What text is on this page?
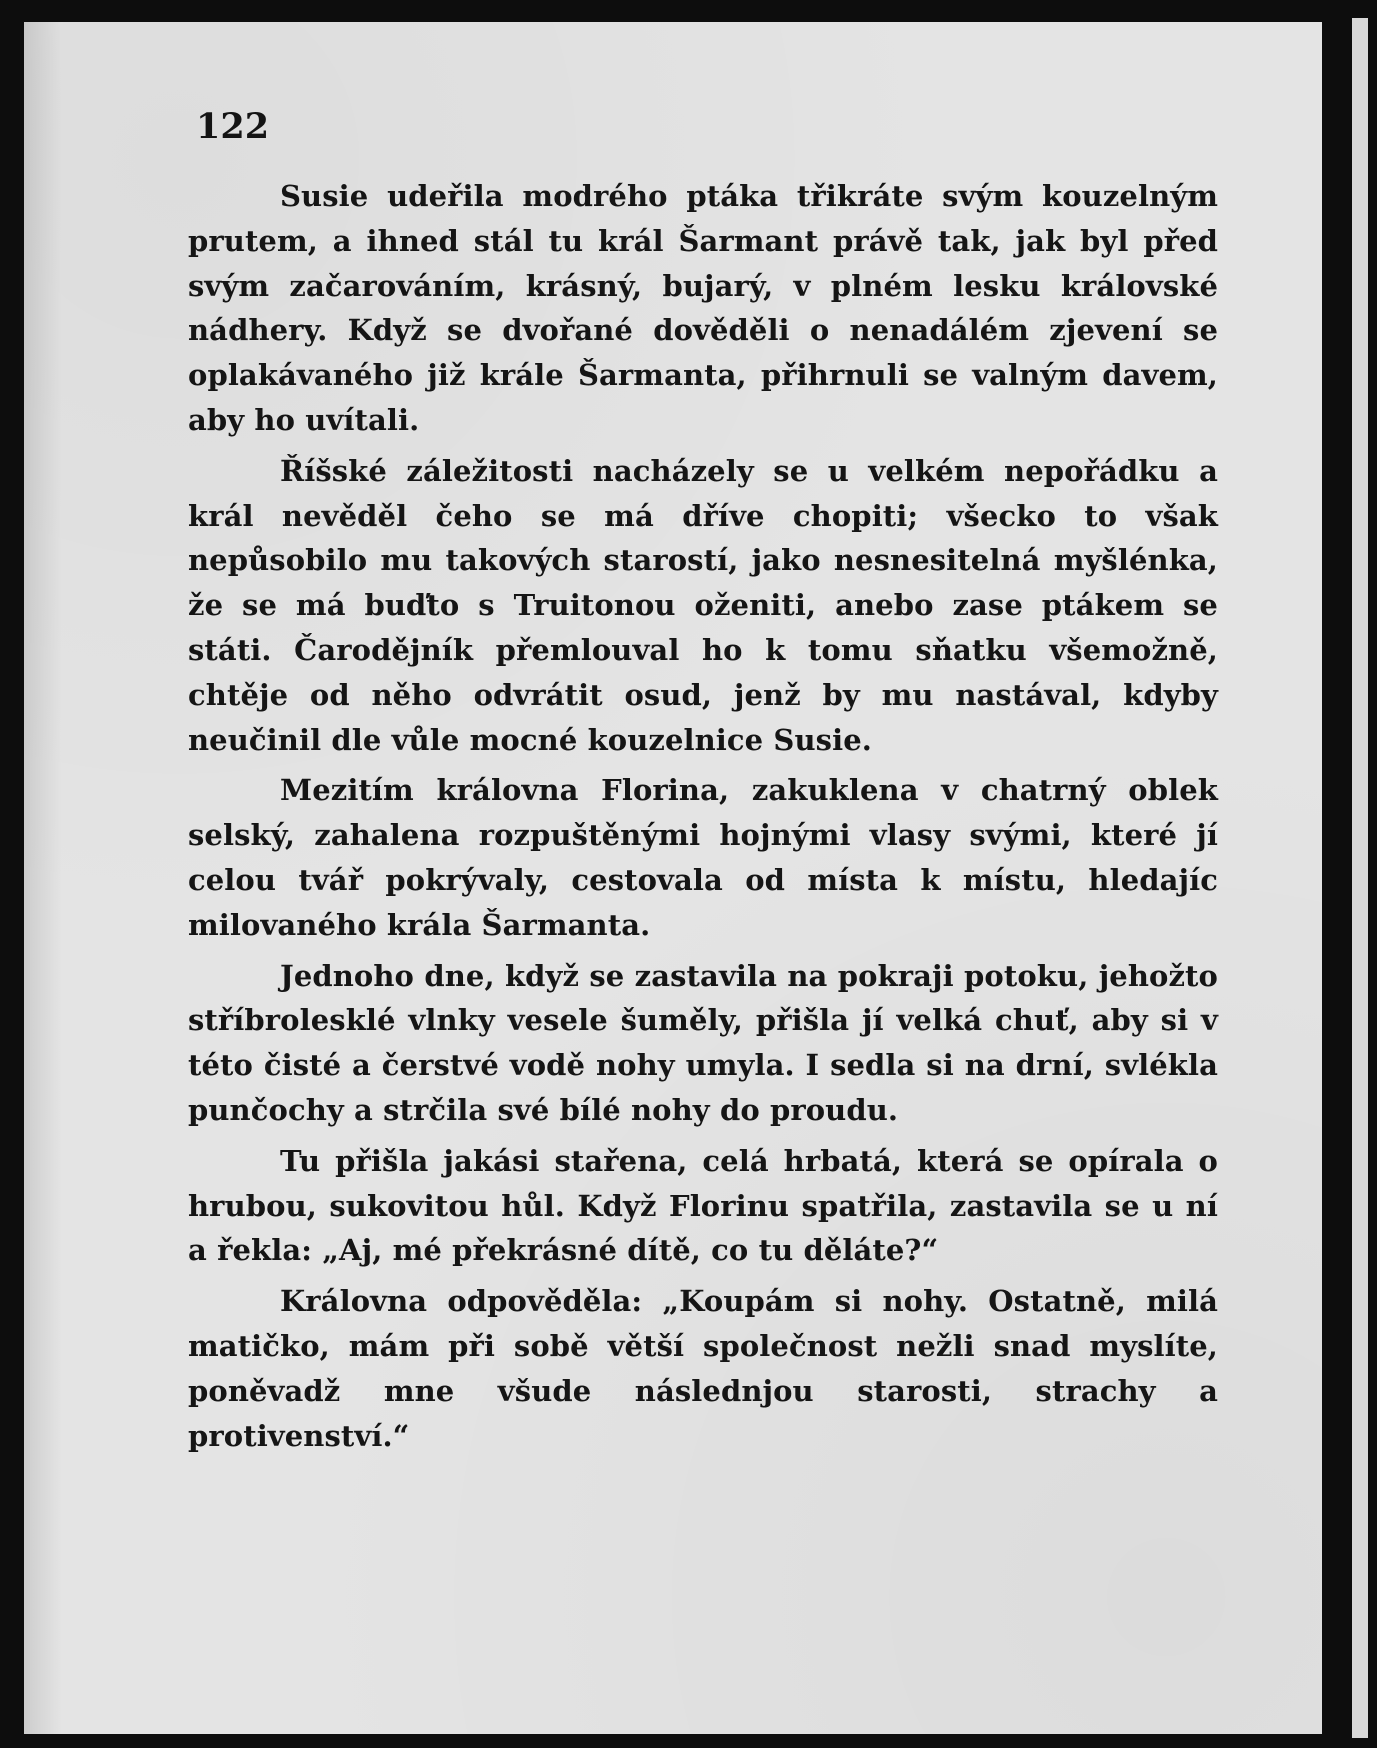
122

Susie udeřila modrého ptáka třikráte svým kouzelným prutem, a ihned stál tu král Šarmant právě tak, jak byl před svým začarováním, krásný, bujarý, v plném lesku královské nádhery. Když se dvořané dověděli o nenadálém zjevení se oplakávaného již krále Šarmanta, přihrnuli se valným davem, aby ho uvítali.

Říšské záležitosti nacházely se u velkém nepořádku a král nevěděl čeho se má dříve chopiti; všecko to však nepůsobilo mu takových starostí, jako nesnesitelná myšlénka, že se má buďto s Truitonou oženiti, anebo zase ptákem se státi. Čarodějník přemlouval ho k tomu sňatku všemožně, chtěje od něho odvrátit osud, jenž by mu nastával, kdyby neučinil dle vůle mocné kouzelnice Susie.

Mezitím královna Florina, zakuklena v chatrný oblek selský, zahalena rozpuštěnými hojnými vlasy svými, které jí celou tvář pokrývaly, cestovala od místa k místu, hledajíc milovaného krála Šarmanta.

Jednoho dne, když se zastavila na pokraji potoku, jehožto stříbrolesklé vlnky vesele šuměly, přišla jí velká chuť, aby si v této čisté a čerstvé vodě nohy umyla. I sedla si na drní, svlékla punčochy a strčila své bílé nohy do proudu.

Tu přišla jakási stařena, celá hrbatá, která se opírala o hrubou, sukovitou hůl. Když Florinu spatřila, zastavila se u ní a řekla: „Aj, mé překrásné dítě, co tu děláte?“

Královna odpověděla: „Koupám si nohy. Ostatně, milá matičko, mám při sobě větší společnost nežli snad myslíte, poněvadž mne všude následnjou starosti, strachy a protivenství.“
